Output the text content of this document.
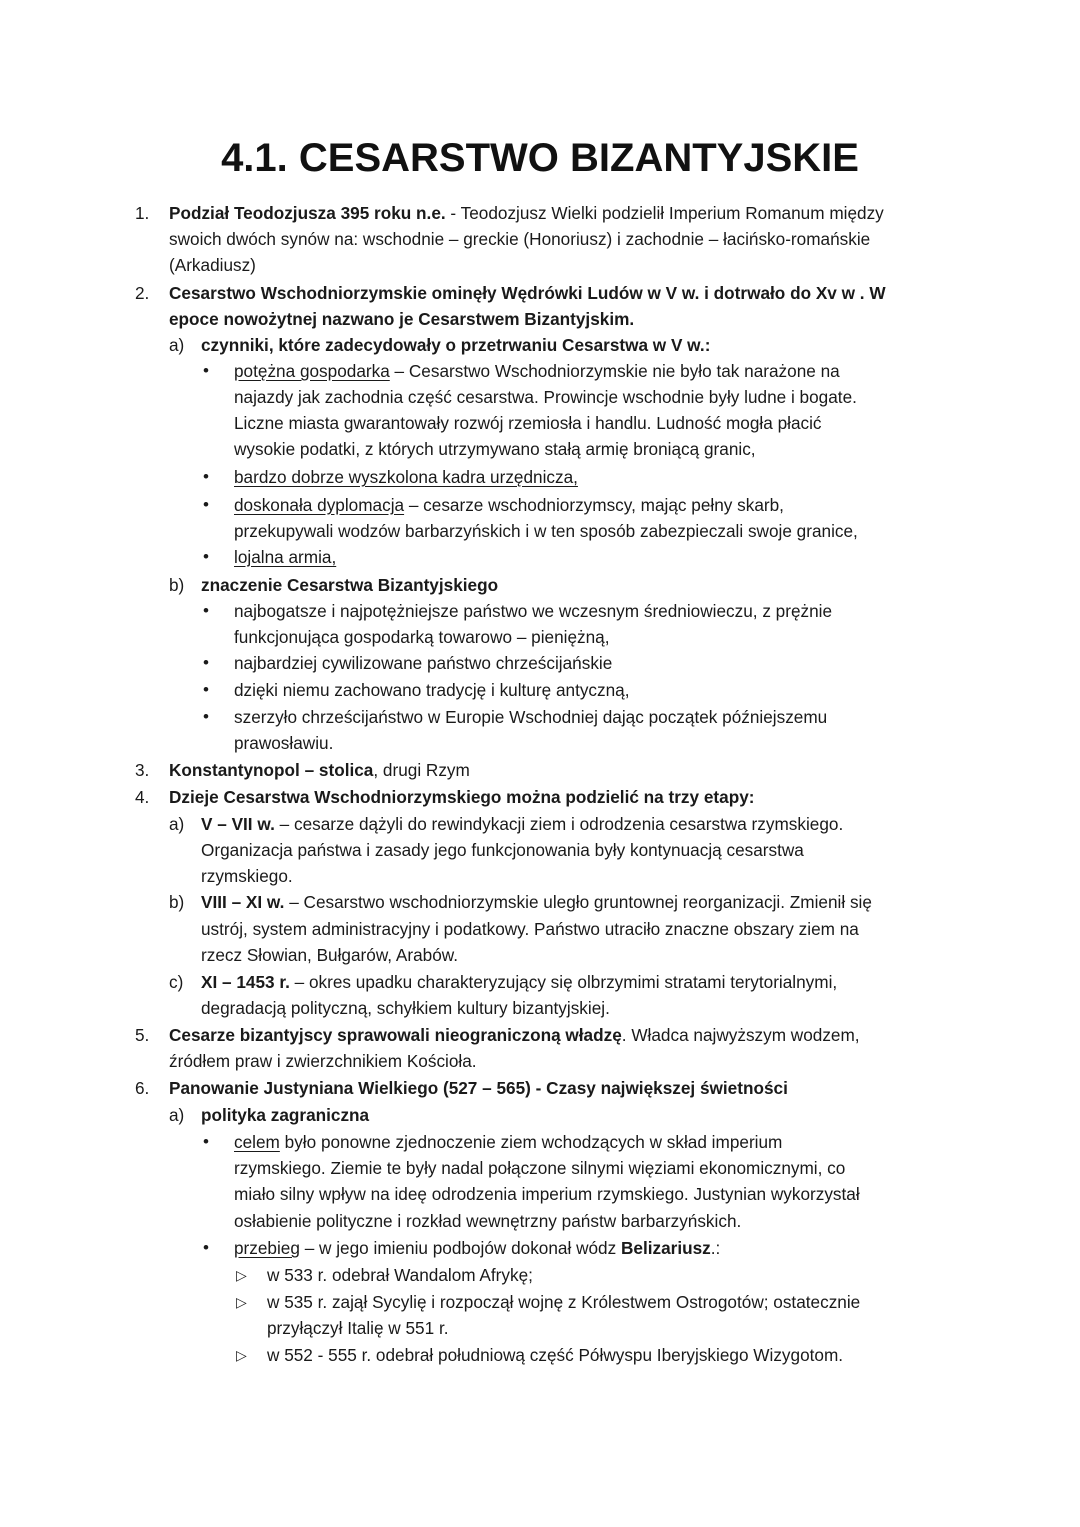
4.1. CESARSTWO BIZANTYJSKIE
1. Podział Teodozjusza 395 roku n.e. - Teodozjusz Wielki podzielił Imperium Romanum między
swoich dwóch synów na: wschodnie – greckie (Honoriusz) i zachodnie – łacińsko-romańskie
(Arkadiusz)
2. Cesarstwo Wschodniorzymskie ominęły Wędrówki Ludów w V w. i dotrwało do Xv w . W
epoce nowożytnej nazwano je Cesarstwem Bizantyjskim.
a) czynniki, które zadecydowały o przetrwaniu Cesarstwa w V w.:
• potężna gospodarka – Cesarstwo Wschodniorzymskie nie było tak narażone na
najazdy jak zachodnia część cesarstwa. Prowincje wschodnie były ludne i bogate.
Liczne miasta gwarantowały rozwój rzemiosła i handlu. Ludność mogła płacić
wysokie podatki, z których utrzymywano stałą armię broniącą granic,
• bardzo dobrze wyszkolona kadra urzędnicza,
• doskonała dyplomacja – cesarze wschodniorzymscy, mając pełny skarb,
przekupywali wodzów barbarzyńskich i w ten sposób zabezpieczali swoje granice,
• lojalna armia,
b) znaczenie Cesarstwa Bizantyjskiego
• najbogatsze i najpotężniejsze państwo we wczesnym średniowieczu, z prężnie
funkcjonująca gospodarką towarowo – pieniężną,
• najbardziej cywilizowane państwo chrześcijańskie
• dzięki niemu zachowano tradycję i kulturę antyczną,
• szerzyło chrześcijaństwo w Europie Wschodniej dając początek późniejszemu
prawosławiu.
3. Konstantynopol – stolica, drugi Rzym
4. Dzieje Cesarstwa Wschodniorzymskiego można podzielić na trzy etapy:
a) V – VII w. – cesarze dążyli do rewindykacji ziem i odrodzenia cesarstwa rzymskiego.
Organizacja państwa i zasady jego funkcjonowania były kontynuacją cesarstwa
rzymskiego.
b) VIII – XI w. – Cesarstwo wschodniorzymskie uległo gruntownej reorganizacji. Zmienił się
ustrój, system administracyjny i podatkowy. Państwo utraciło znaczne obszary ziem na
rzecz Słowian, Bułgarów, Arabów.
c) XI – 1453 r. – okres upadku charakteryzujący się olbrzymimi stratami terytorialnymi,
degradacją polityczną, schyłkiem kultury bizantyjskiej.
5. Cesarze bizantyjscy sprawowali nieograniczoną władzę. Władca najwyższym wodzem,
źródłem praw i zwierzchnikiem Kościoła.
6. Panowanie Justyniana Wielkiego (527 – 565) - Czasy największej świetności
a) polityka zagraniczna
• celem było ponowne zjednoczenie ziem wchodzących w skład imperium
rzymskiego. Ziemie te były nadal połączone silnymi więziami ekonomicznymi, co
miało silny wpływ na ideę odrodzenia imperium rzymskiego. Justynian wykorzystał
osłabienie polityczne i rozkład wewnętrzny państw barbarzyńskich.
• przebieg – w jego imieniu podbojów dokonał wódz Belizariusz.:
▷ w 533 r. odebrał Wandalom Afrykę;
▷ w 535 r. zajął Sycylię i rozpoczął wojnę z Królestwem Ostrogotów; ostatecznie
przyłączył Italię w 551 r.
▷ w 552 - 555 r. odebrał południową część Półwyspu Iberyjskiego Wizygotom.
